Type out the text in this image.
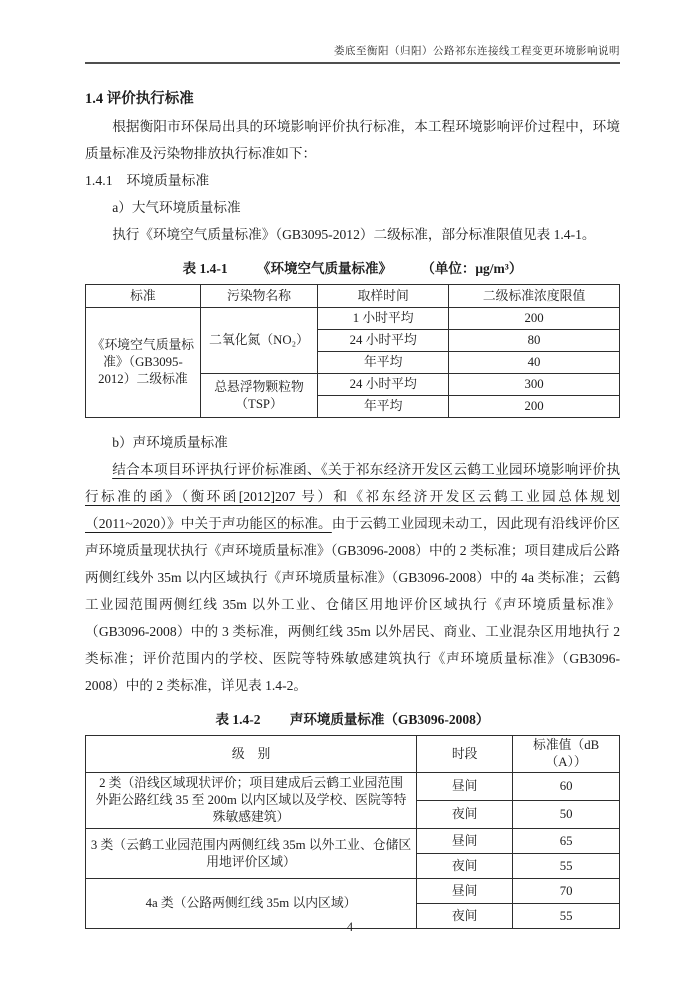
娄底至衡阳（归阳）公路祁东连接线工程变更环境影响说明

1.4 评价执行标准

根据衡阳市环保局出具的环境影响评价执行标准，本工程环境影响评价过程中，环境质量标准及污染物排放执行标准如下：

1.4.1　环境质量标准

a）大气环境质量标准

执行《环境空气质量标准》（GB3095-2012）二级标准，部分标准限值见表 1.4-1。

表 1.4-1 《环境空气质量标准》 （单位：μg/m³）
标准	污染物名称	取样时间	二级标准浓度限值
《环境空气质量标准》（GB3095-2012）二级标准	二氧化氮（NO₂）	1 小时平均	200
		24 小时平均	80
		年平均	40
	总悬浮物颗粒物（TSP）	24 小时平均	300
		年平均	200

b）声环境质量标准

结合本项目环评执行评价标准函、《关于祁东经济开发区云鹤工业园环境影响评价执行标准的函》（衡环函[2012]207 号）和《祁东经济开发区云鹤工业园总体规划（2011~2020）》中关于声功能区的标准。由于云鹤工业园现未动工，因此现有沿线评价区声环境质量现状执行《声环境质量标准》（GB3096-2008）中的 2 类标准；项目建成后公路两侧红线外 35m 以内区域执行《声环境质量标准》（GB3096-2008）中的 4a 类标准；云鹤工业园范围两侧红线 35m 以外工业、仓储区用地评价区域执行《声环境质量标准》（GB3096-2008）中的 3 类标准，两侧红线 35m 以外居民、商业、工业混杂区用地执行 2 类标准；评价范围内的学校、医院等特殊敏感建筑执行《声环境质量标准》（GB3096-2008）中的 2 类标准，详见表 1.4-2。

表 1.4-2 声环境质量标准（GB3096-2008）
级　别	时段	标准值（dB（A））
2 类（沿线区域现状评价；项目建成后云鹤工业园范围外距公路红线 35 至 200m 以内区域以及学校、医院等特殊敏感建筑）	昼间	60
	夜间	50
3 类（云鹤工业园范围内两侧红线 35m 以外工业、仓储区用地评价区域）	昼间	65
	夜间	55
4a 类（公路两侧红线 35m 以内区域）	昼间	70
	夜间	55
4
